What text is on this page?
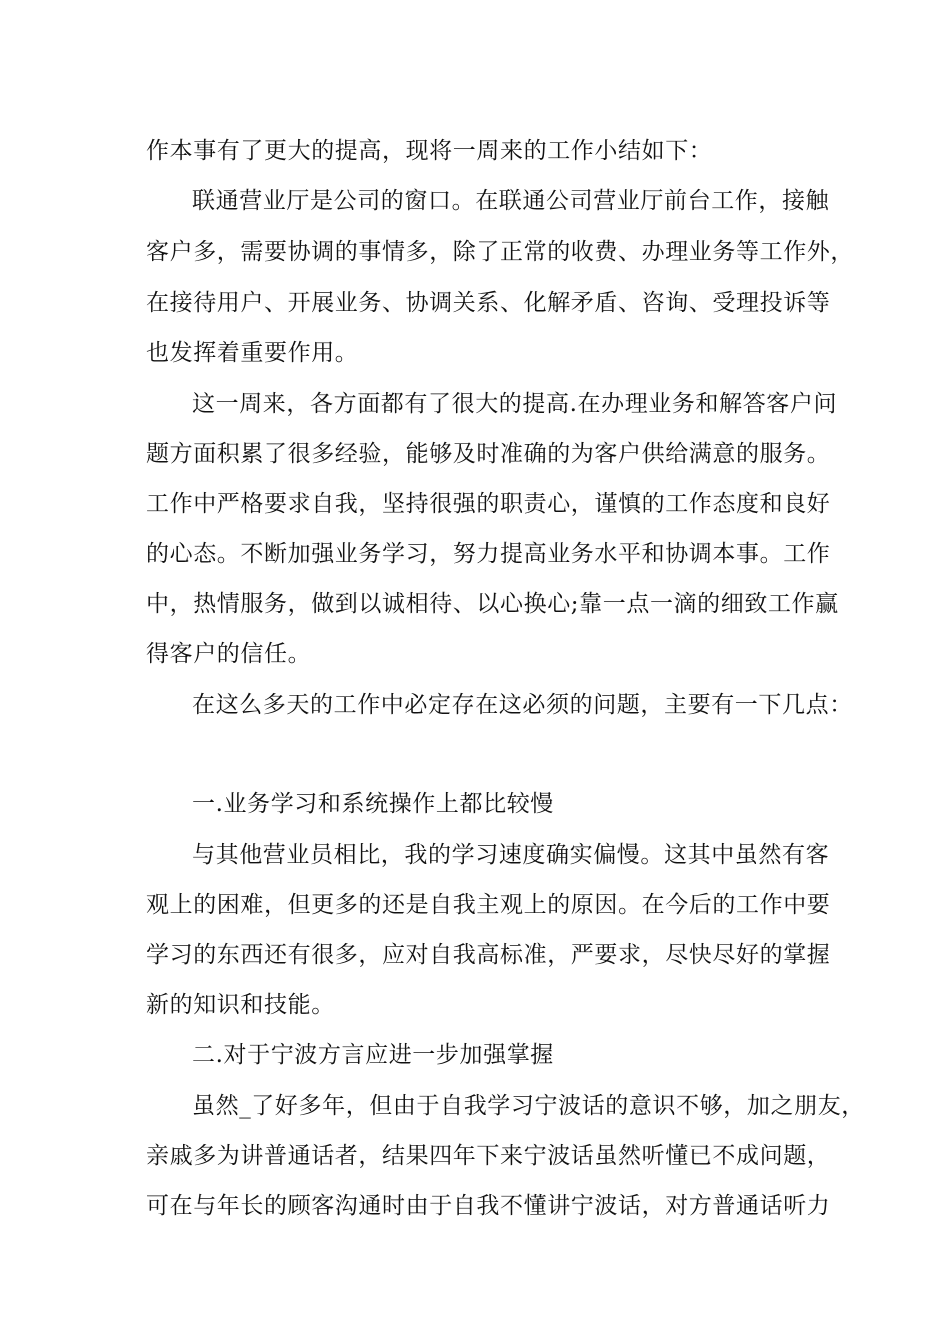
作本事有了更大的提高，现将一周来的工作小结如下：
联通营业厅是公司的窗口。在联通公司营业厅前台工作，接触
客户多，需要协调的事情多，除了正常的收费、办理业务等工作外，
在接待用户、开展业务、协调关系、化解矛盾、咨询、受理投诉等
也发挥着重要作用。
这一周来，各方面都有了很大的提高.在办理业务和解答客户问
题方面积累了很多经验，能够及时准确的为客户供给满意的服务。
工作中严格要求自我，坚持很强的职责心，谨慎的工作态度和良好
的心态。不断加强业务学习，努力提高业务水平和协调本事。工作
中，热情服务，做到以诚相待、以心换心;靠一点一滴的细致工作赢
得客户的信任。
在这么多天的工作中必定存在这必须的问题，主要有一下几点：
一.业务学习和系统操作上都比较慢
与其他营业员相比，我的学习速度确实偏慢。这其中虽然有客
观上的困难，但更多的还是自我主观上的原因。在今后的工作中要
学习的东西还有很多，应对自我高标准，严要求，尽快尽好的掌握
新的知识和技能。
二.对于宁波方言应进一步加强掌握
虽然_了好多年，但由于自我学习宁波话的意识不够，加之朋友，
亲戚多为讲普通话者，结果四年下来宁波话虽然听懂已不成问题，
可在与年长的顾客沟通时由于自我不懂讲宁波话，对方普通话听力
